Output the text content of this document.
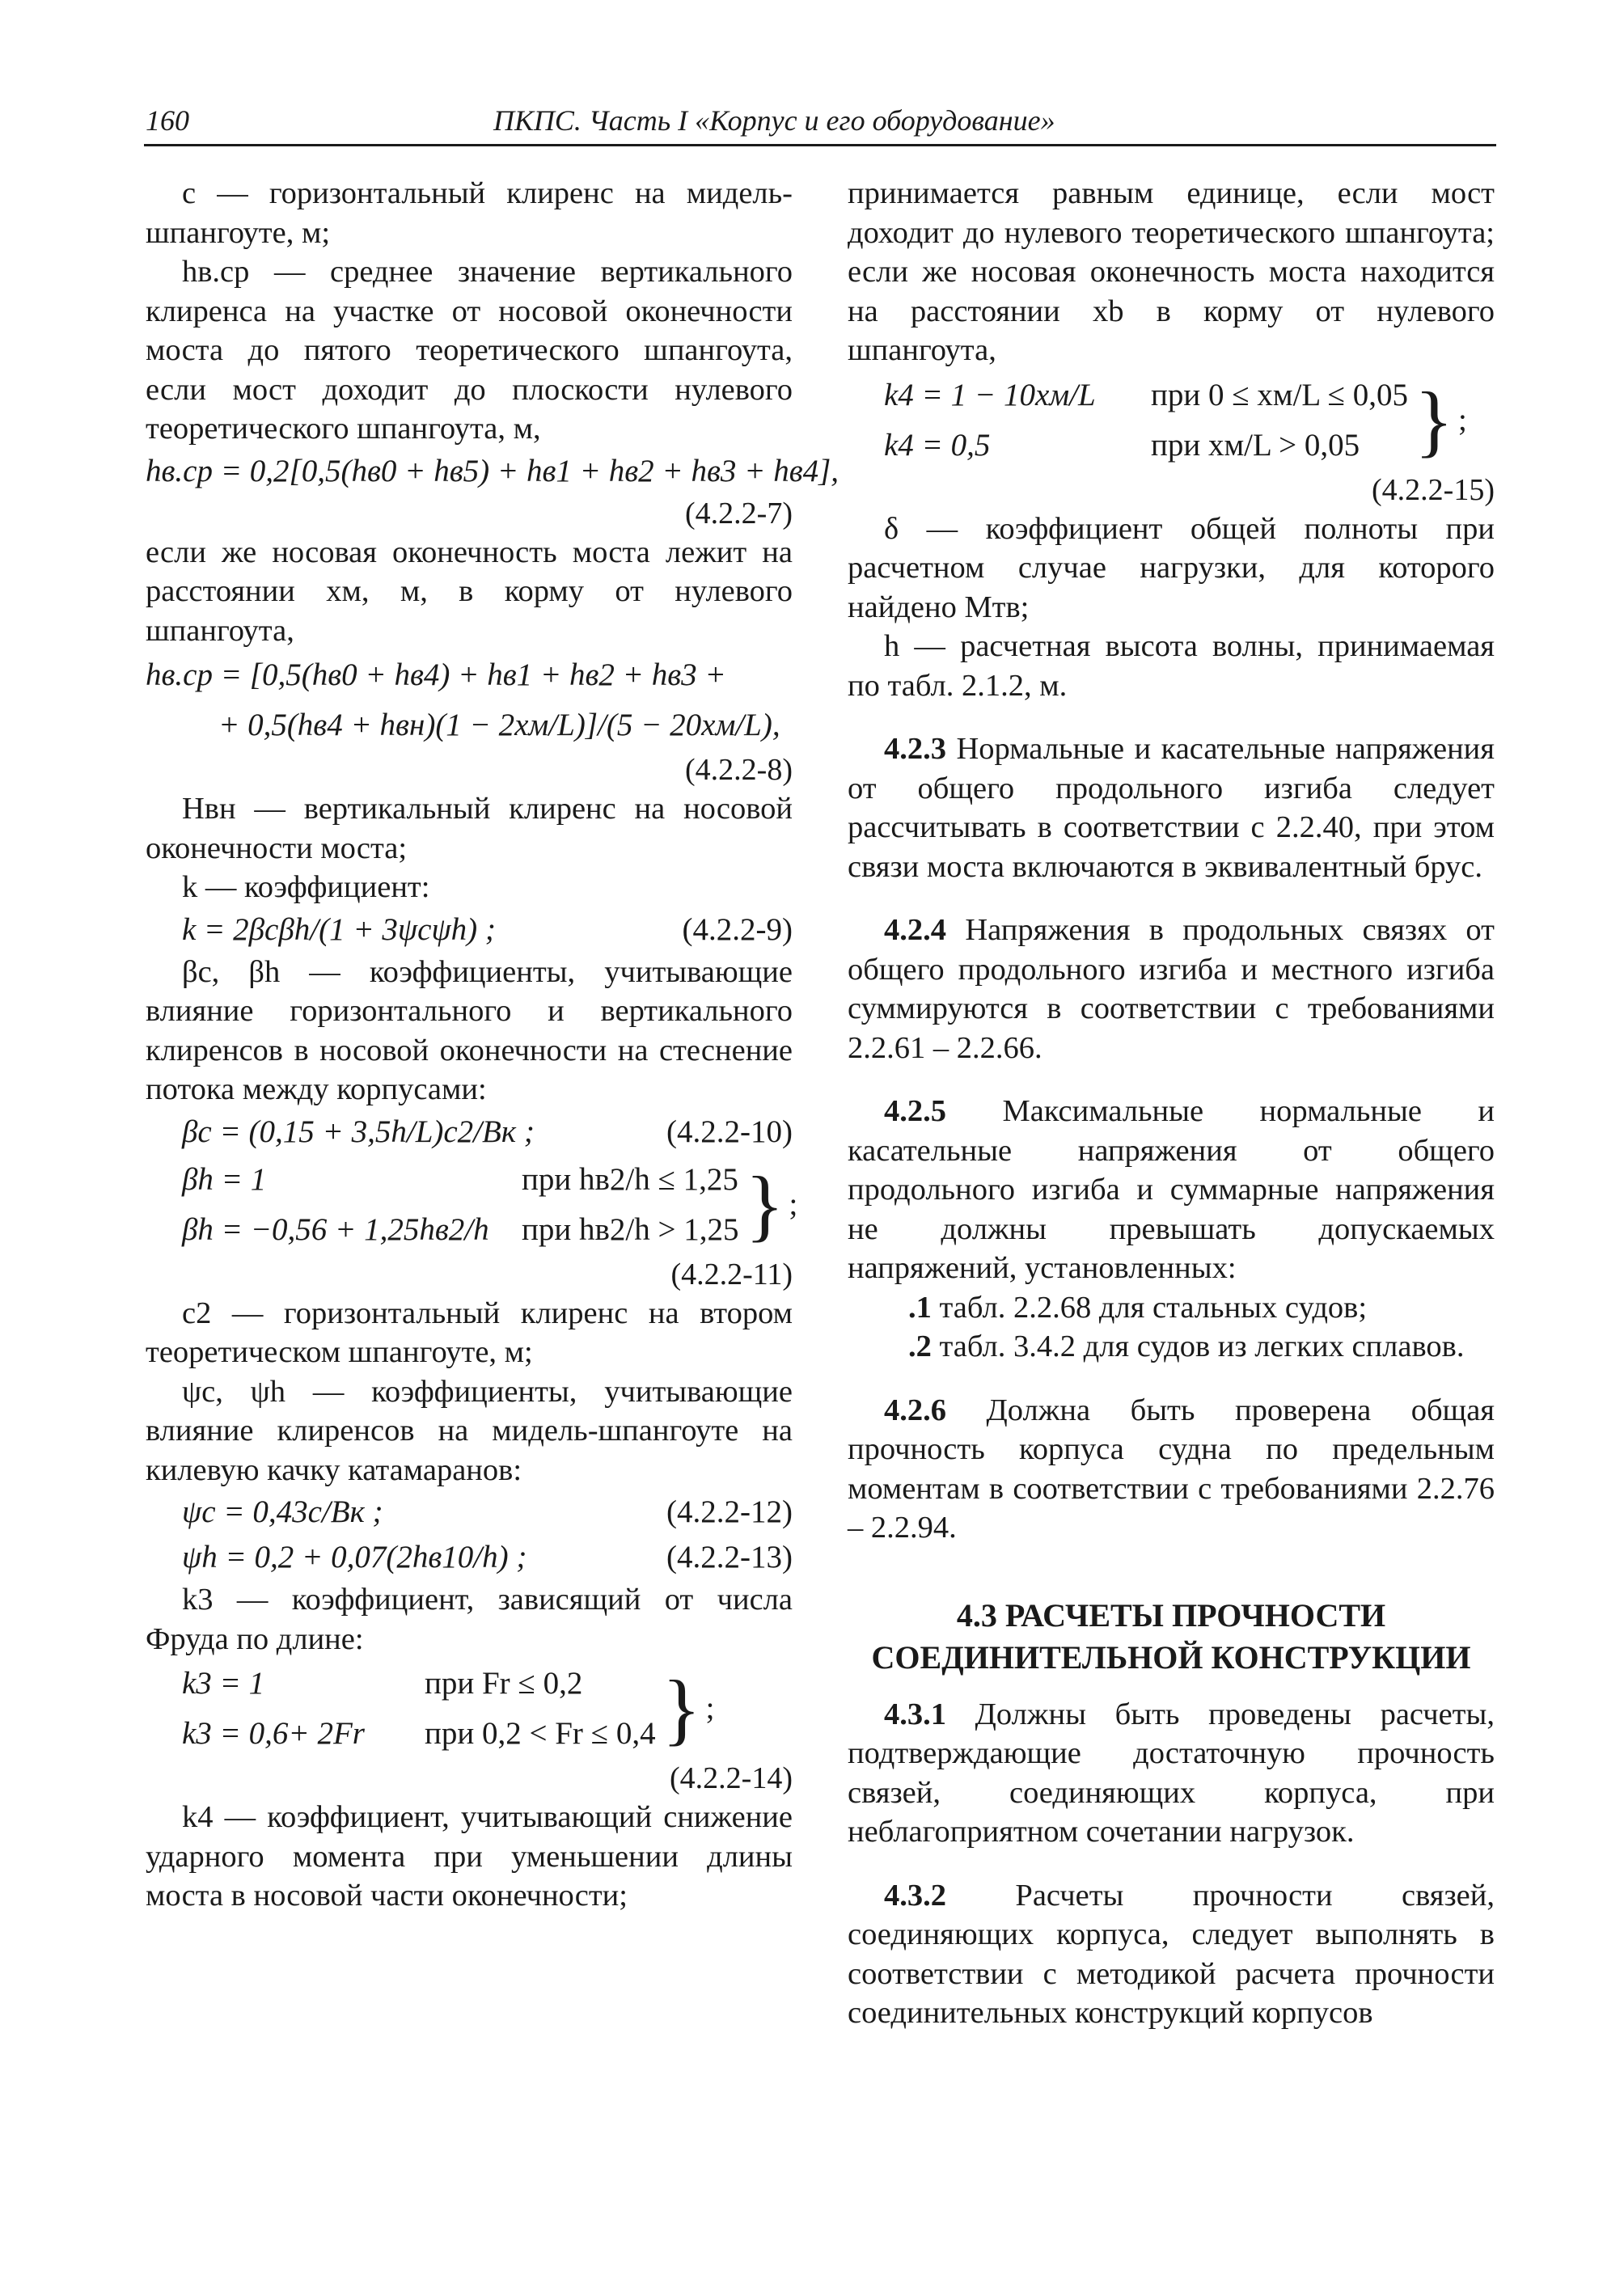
160	ПКПС. Часть I «Корпус и его оборудование»

с — горизонтальный клиренс на мидель-шпангоуте, м;

hв.ср — среднее значение вертикального клиренса на участке от носовой оконечности моста до пятого теоретического шпангоута, если мост доходит до плоскости нулевого теоретического шпангоута, м,

hв.ср = 0,2[0,5(hв0 + hв5) + hв1 + hв2 + hв3 + hв4],
(4.2.2-7)

если же носовая оконечность моста лежит на расстоянии xм, м, в корму от нулевого шпангоута,

hв.ср = [0,5(hв0 + hв4) + hв1 + hв2 + hв3 +
+ 0,5(hв4 + hвн)(1 − 2xм/L)]/(5 − 20xм/L),
(4.2.2-8)

Hвн — вертикальный клиренс на носовой оконечности моста;

k — коэффициент:

k = 2βcβh/(1 + 3ψcψh) ;	(4.2.2-9)

βc, βh — коэффициенты, учитывающие влияние горизонтального и вертикального клиренсов в носовой оконечности на стеснение потока между корпусами:

βc = (0,15 + 3,5h/L)c2/Bк ;	(4.2.2-10)
βh = 1	при hв2/h ≤ 1,25
βh = −0,56 + 1,25hв2/h	при hв2/h > 1,25 } ;
(4.2.2-11)

c2 — горизонтальный клиренс на втором теоретическом шпангоуте, м;

ψc, ψh — коэффициенты, учитывающие влияние клиренсов на мидель-шпангоуте на килевую качку катамаранов:

ψc = 0,43c/Bк ;	(4.2.2-12)
ψh = 0,2 + 0,07(2hв10/h) ;	(4.2.2-13)

k3 — коэффициент, зависящий от числа Фруда по длине:

k3 = 1	при Fr ≤ 0,2
k3 = 0,6+ 2Fr	при 0,2 < Fr ≤ 0,4 } ;
(4.2.2-14)

k4 — коэффициент, учитывающий снижение ударного момента при уменьшении длины моста в носовой части оконечности;

принимается равным единице, если мост доходит до нулевого теоретического шпангоута; если же носовая оконечность моста находится на расстоянии xb в корму от нулевого шпангоута,

k4 = 1 − 10xм/L	при 0 ≤ xм/L ≤ 0,05
k4 = 0,5	при xм/L > 0,05 } ;
(4.2.2-15)

δ — коэффициент общей полноты при расчетном случае нагрузки, для которого найдено Mтв;

h — расчетная высота волны, принимаемая по табл. 2.1.2, м.

4.2.3 Нормальные и касательные напряжения от общего продольного изгиба следует рассчитывать в соответствии с 2.2.40, при этом связи моста включаются в эквивалентный брус.

4.2.4 Напряжения в продольных связях от общего продольного изгиба и местного изгиба суммируются в соответствии с требованиями 2.2.61 – 2.2.66.

4.2.5 Максимальные нормальные и касательные напряжения от общего продольного изгиба и суммарные напряжения не должны превышать допускаемых напряжений, установленных:

.1 табл. 2.2.68 для стальных судов;

.2 табл. 3.4.2 для судов из легких сплавов.

4.2.6 Должна быть проверена общая прочность корпуса судна по предельным моментам в соответствии с требованиями 2.2.76 – 2.2.94.

4.3 РАСЧЕТЫ ПРОЧНОСТИ
СОЕДИНИТЕЛЬНОЙ КОНСТРУКЦИИ

4.3.1 Должны быть проведены расчеты, подтверждающие достаточную прочность связей, соединяющих корпуса, при неблагоприятном сочетании нагрузок.

4.3.2 Расчеты прочности связей, соединяющих корпуса, следует выполнять в соответствии с методикой расчета прочности соединительных конструкций корпусов
